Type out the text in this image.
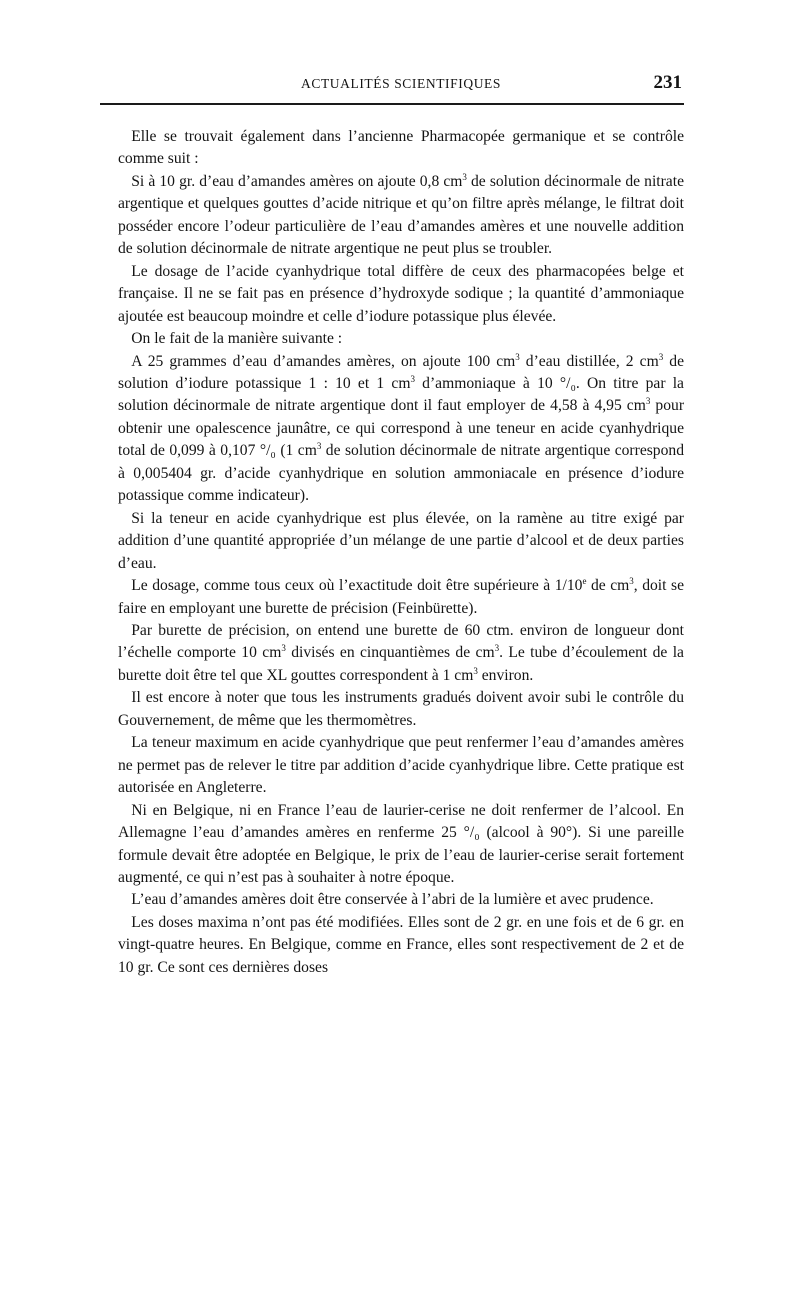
ACTUALITÉS SCIENTIFIQUES	231

Elle se trouvait également dans l’ancienne Pharmacopée germanique et se contrôle comme suit :

Si à 10 gr. d’eau d’amandes amères on ajoute 0,8 $cm^3$ de solution décinormale de nitrate argentique et quelques gouttes d’acide nitrique et qu’on filtre après mélange, le filtrat doit posséder encore l’odeur particulière de l’eau d’amandes amères et une nouvelle addition de solution décinormale de nitrate argentique ne peut plus se troubler.

Le dosage de l’acide cyanhydrique total diffère de ceux des pharmacopées belge et française. Il ne se fait pas en présence d’hydroxyde sodique ; la quantité d’ammoniaque ajoutée est beaucoup moindre et celle d’iodure potassique plus élevée.

On le fait de la manière suivante :

A 25 grammes d’eau d’amandes amères, on ajoute 100 $cm^3$ d’eau distillée, 2 $cm^3$ de solution d’iodure potassique 1 : 10 et 1 $cm^3$ d’ammoniaque à 10 °/₀. On titre par la solution décinormale de nitrate argentique dont il faut employer de 4,58 à 4,95 $cm^3$ pour obtenir une opalescence jaunâtre, ce qui correspond à une teneur en acide cyanhydrique total de 0,099 à 0,107 °/₀ (1 $cm^3$ de solution décinormale de nitrate argentique correspond à 0,005404 gr. d’acide cyanhydrique en solution ammoniacale en présence d’iodure potassique comme indicateur).

Si la teneur en acide cyanhydrique est plus élevée, on la ramène au titre exigé par addition d’une quantité appropriée d’un mélange de une partie d’alcool et de deux parties d’eau.

Le dosage, comme tous ceux où l’exactitude doit être supérieure à 1/10e de $cm^3$, doit se faire en employant une burette de précision (Feinbürette).

Par burette de précision, on entend une burette de 60 ctm. environ de longueur dont l’échelle comporte 10 $cm^3$ divisés en cinquantièmes de $cm^3$. Le tube d’écoulement de la burette doit être tel que XL gouttes correspondent à 1 $cm^3$ environ.

Il est encore à noter que tous les instruments gradués doivent avoir subi le contrôle du Gouvernement, de même que les thermomètres.

La teneur maximum en acide cyanhydrique que peut renfermer l’eau d’amandes amères ne permet pas de relever le titre par addition d’acide cyanhydrique libre. Cette pratique est autorisée en Angleterre.

Ni en Belgique, ni en France l’eau de laurier-cerise ne doit renfermer de l’alcool. En Allemagne l’eau d’amandes amères en renferme 25 °/₀ (alcool à 90°). Si une pareille formule devait être adoptée en Belgique, le prix de l’eau de laurier-cerise serait fortement augmenté, ce qui n’est pas à souhaiter à notre époque.

L’eau d’amandes amères doit être conservée à l’abri de la lumière et avec prudence.

Les doses maxima n’ont pas été modifiées. Elles sont de 2 gr. en une fois et de 6 gr. en vingt-quatre heures. En Belgique, comme en France, elles sont respectivement de 2 et de 10 gr. Ce sont ces dernières doses
